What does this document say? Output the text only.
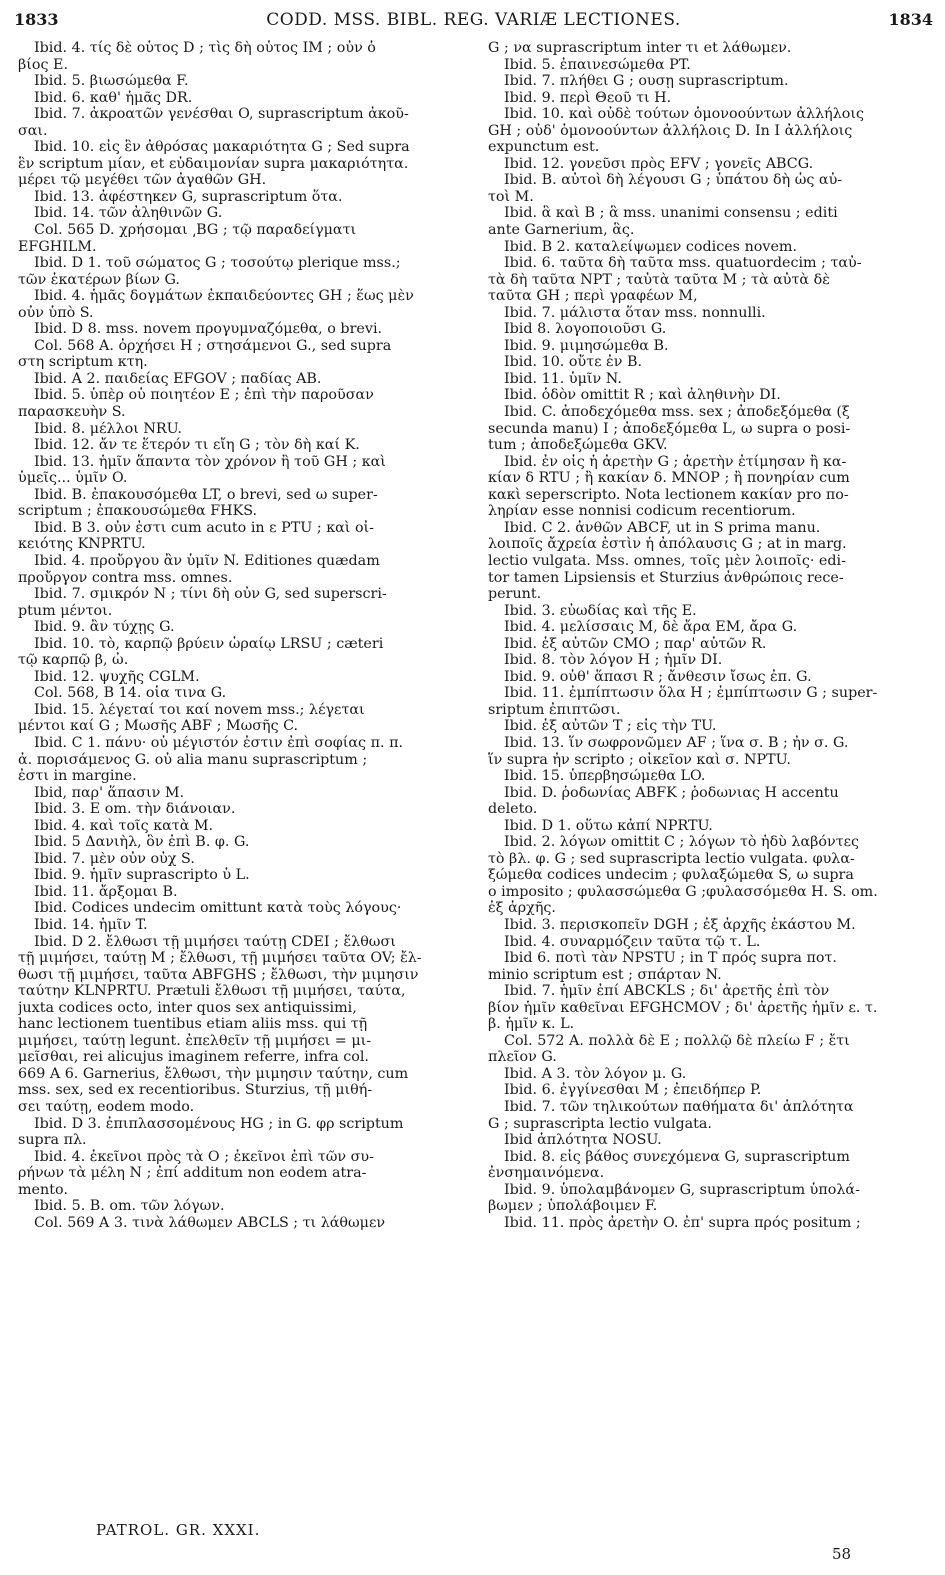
1833	CODD. MSS. BIBL. REG. VARIÆ LECTIONES.	1834
Ibid. 4. τίς δὲ οὗτος D ; τὶς δὴ οὗτος IM ; οὖν ὁ
βίος E.
Ibid. 5. βιωσώμεθα F.
Ibid. 6. καθ' ἡμᾶς DR.
Ibid. 7. ἀκροατῶν γενέσθαι O, suprascriptum ἀκοῦ-
σαι.
Ibid. 10. εἰς ἓν ἀθρόσας μακαριότητα G ; Sed supra
ἓν scriptum μίαν, et εὐδαιμονίαν supra μακαριότητα.
μέρει τῷ μεγέθει τῶν ἀγαθῶν GH.
Ibid. 13. ἀφέστηκεν G, suprascriptum ὅτα.
Ibid. 14. τῶν ἀληθινῶν G.
Col. 565 D. χρήσομαι ͵BG ; τῷ παραδείγματι
EFGHILM.
Ibid. D 1. τοῦ σώματος G ; τοσούτῳ plerique mss.;
τῶν ἑκατέρων βίων G.
Ibid. 4. ἡμᾶς δογμάτων ἐκπαιδεύοντες GH ; ἕως μὲν
οὖν ὑπὸ S.
Ibid. D 8. mss. novem προγυμναζόμεθα, o brevi.
Col. 568 A. ὀρχήσει H ; στησάμενοι G., sed supra
στη scriptum κτη.
Ibid. A 2. παιδείας EFGOV ; παδίας AB.
Ibid. 5. ὑπὲρ οὗ ποιητέον E ; ἐπὶ τὴν παροῦσαν
παρασκευὴν S.
Ibid. 8. μέλλοι NRU.
Ibid. 12. ἄν τε ἕτερόν τι εἴη G ; τὸν δὴ καί K.
Ibid. 13. ἡμῖν ἅπαντα τὸν χρόνον ἢ τοῦ GH ; καὶ
ὑμεῖς... ὑμῖν O.
Ibid. B. ἐπακουσόμεθα LT, o brevi, sed ω super-
scriptum ; ἐπακουσώμεθα FHKS.
Ibid. B 3. οὖν ἐστι cum acuto in ε PTU ; καὶ οἰ-
κειότης KNPRTU.
Ibid. 4. προὔργου ἂν ὑμῖν N. Editiones quædam
προὔργον contra mss. omnes.
Ibid. 7. σμικρόν N ; τίνι δὴ οὖν G, sed superscri-
ptum μέντοι.
Ibid. 9. ἂν τύχῃς G.
Ibid. 10. τὸ, καρπῷ βρύειν ὡραίῳ LRSU ; cæteri
τῷ καρπῷ β, ὠ.
Ibid. 12. ψυχῆς CGLM.
Col. 568, B 14. οἷα τινα G.
Ibid. 15. λέγεταί τοι καί novem mss.; λέγεται
μέντοι καί G ; Μωσῆς ABF ; Μωσῆς C.
Ibid. C 1. πάνυ· οὐ μέγιστόν ἐστιν ἐπὶ σοφίας π. π.
ἀ. πορισάμενος G. οὐ alia manu suprascriptum ;
ἐστι in margine.
Ibid, παρ' ἅπασιν M.
Ibid. 3. E om. τὴν διάνοιαν.
Ibid. 4. καὶ τοῖς κατὰ M.
Ibid. 5 Δανιὴλ, ὃν ἐπὶ B. φ. G.
Ibid. 7. μὲν οὖν οὐχ S.
Ibid. 9. ἡμῖν suprascripto ὑ L.
Ibid. 11. ἄρξομαι B.
Ibid. Codices undecim omittunt κατὰ τοὺς λόγους·
Ibid. 14. ἡμῖν T.
Ibid. D 2. ἔλθωσι τῇ μιμήσει ταύτῃ CDEI ; ἔλθωσι
τῇ μιμήσει, ταύτῃ M ; ἔλθωσι, τῇ μιμήσει ταῦτα OV; ἔλ-
θωσι τῇ μιμήσει, ταῦτα ABFGHS ; ἔλθωσι, τὴν μιμησιν
ταύτην KLNPRTU. Prætuli ἔλθωσι τῇ μιμήσει, ταύτα,
juxta codices octo, inter quos sex antiquissimi,
hanc lectionem tuentibus etiam aliis mss. qui τῇ
μιμήσει, ταύτῃ legunt. ἐπελθεῖν τῇ μιμήσει = μι-
μεῖσθαι, rei alicujus imaginem referre, infra col.
669 A 6. Garnerius, ἔλθωσι, τὴν μιμησιν ταύτην, cum
mss. sex, sed ex recentioribus. Sturzius, τῇ μιθή-
σει ταύτῃ, eodem modo.
Ibid. D 3. ἐπιπλασσομένους HG ; in G. φρ scriptum
supra πλ.
Ibid. 4. ἐκεῖνοι πρὸς τὰ O ; ἐκεῖνοι ἐπὶ τῶν συ-
ρήνων τὰ μέλη N ; ἐπί additum non eodem atra-
mento.
Ibid. 5. B. om. τῶν λόγων.
Col. 569 A 3. τινὰ λάθωμεν ABCLS ; τι λάθωμεν
G ; να suprascriptum inter τι et λάθωμεν.
Ibid. 5. ἐπαινεσώμεθα PT.
Ibid. 7. πλήθει G ; ουσῃ suprascriptum.
Ibid. 9. περὶ Θεοῦ τι H.
Ibid. 10. καὶ οὐδὲ τούτων ὁμονοούντων ἀλλήλοις
GH ; οὐδ' ὁμονοούντων ἀλλήλοις D. In I ἀλλήλοις
expunctum est.
Ibid. 12. γονεῦσι πρὸς EFV ; γονεῖς ABCG.
Ibid. B. αὐτοὶ δὴ λέγουσι G ; ὑπάτου δὴ ὡς αὐ-
τοὶ M.
Ibid. ἃ καὶ B ; ἃ mss. unanimi consensu ; editi
ante Garnerium, ἃς.
Ibid. B 2. καταλείψωμεν codices novem.
Ibid. 6. ταῦτα δὴ ταῦτα mss. quatuordecim ; ταὐ-
τὰ δὴ ταῦτα NPT ; ταὐτὰ ταῦτα M ; τὰ αὐτὰ δὲ
ταῦτα GH ; περὶ γραφέων M,
Ibid. 7. μάλιστα ὅταν mss. nonnulli.
Ibid 8. λογοποιοῦσι G.
Ibid. 9. μιμησώμεθα B.
Ibid. 10. οὔτε ἐν B.
Ibid. 11. ὑμῖν N.
Ibid. ὁδὸν omittit R ; καὶ ἀληθινὴν DI.
Ibid. C. ἀποδεχόμεθα mss. sex ; ἀποδεξόμεθα (ξ
secunda manu) I ; ἀποδεξόμεθα L, ω supra o posi-
tum ; ἀποδεξώμεθα GKV.
Ibid. ἐν οἷς ἡ ἀρετὴν G ; ἀρετὴν ἐτίμησαν ἢ κα-
κίαν δ RTU ; ἢ κακίαν δ. MNOP ; ἢ πονηρίαν cum
κακὶ seperscripto. Nota lectionem κακίαν pro πο-
ληρίαν esse nonnisi codicum recentiorum.
Ibid. C 2. ἀνθῶν ABCF, ut in S prima manu.
λοιποῖς ἄχρεία ἐστὶν ἡ ἀπόλαυσις G ; at in marg.
lectio vulgata. Mss. omnes, τοῖς μὲν λοιποῖς· edi-
tor tamen Lipsiensis et Sturzius ἀνθρώποις rece-
perunt.
Ibid. 3. εὐωδίας καὶ τῆς E.
Ibid. 4. μελίσσαις M, δὲ ἄρα EM, ἄρα G.
Ibid. ἐξ αὐτῶν CMO ; παρ' αὐτῶν R.
Ibid. 8. τὸν λόγον H ; ἡμῖν DI.
Ibid. 9. οὐθ' ἅπασι R ; ἄνθεσιν ἴσως ἐπ. G.
Ibid. 11. ἐμπίπτωσιν ὅλα H ; ἐμπίπτωσιν G ; super-
sriptum ἐπιπτῶσι.
Ibid. ἐξ αὐτῶν T ; εἰς τὴν TU.
Ibid. 13. ἵν σωφρονῶμεν AF ; ἵνα σ. B ; ἦν σ. G.
ἵν supra ἦν scripto ; οἰκεῖον καὶ σ. NPTU.
Ibid. 15. ὑπερβησώμεθα LO.
Ibid. D. ῥοδωνίας ABFK ; ῥοδωνιας H accentu
deleto.
Ibid. D 1. οὕτω κἀπί NPRTU.
Ibid. 2. λόγων omittit C ; λόγων τὸ ἡδὺ λαβόντες
τὸ βλ. φ. G ; sed suprascripta lectio vulgata. φυλα-
ξώμεθα codices undecim ; φυλαξώμεθα S, ω supra
o imposito ; φυλασσώμεθα G ;φυλασσόμεθα H. S. om.
ἐξ ἀρχῆς.
Ibid. 3. περισκοπεῖν DGH ; ἐξ ἀρχῆς ἑκάστου M.
Ibid. 4. συναρμόζειν ταῦτα τῷ τ. L.
Ibid 6. ποτὶ τὰν NPSTU ; in T πρός supra ποτ.
minio scriptum est ; σπάρταν N.
Ibid. 7. ἡμῖν ἐπί ABCKLS ; δι' ἀρετῆς ἐπὶ τὸν
βίον ἡμῖν καθεῖναι EFGHCMOV ; δι' ἀρετῆς ἡμῖν ε. τ.
β. ἡμῖν κ. L.
Col. 572 A. πολλὰ δὲ E ; πολλῷ δὲ πλείω F ; ἔτι
πλεῖον G.
Ibid. A 3. τὸν λόγον μ. G.
Ibid. 6. ἐγγίνεσθαι M ; ἐπειδήπερ P.
Ibid. 7. τῶν τηλικούτων παθήματα δι' ἁπλότητα
G ; suprascripta lectio vulgata.
Ibid ἁπλότητα NOSU.
Ibid. 8. εἰς βάθος συνεχόμενα G, suprascriptum
ἐνσημαινόμενα.
Ibid. 9. ὑπολαμβάνομεν G, suprascriptum ὑπολά-
βωμεν ; ὑπολάβοιμεν F.
Ibid. 11. πρὸς ἀρετὴν O. ἐπ' supra πρός positum ;
PATROL. GR. XXXI.
58
